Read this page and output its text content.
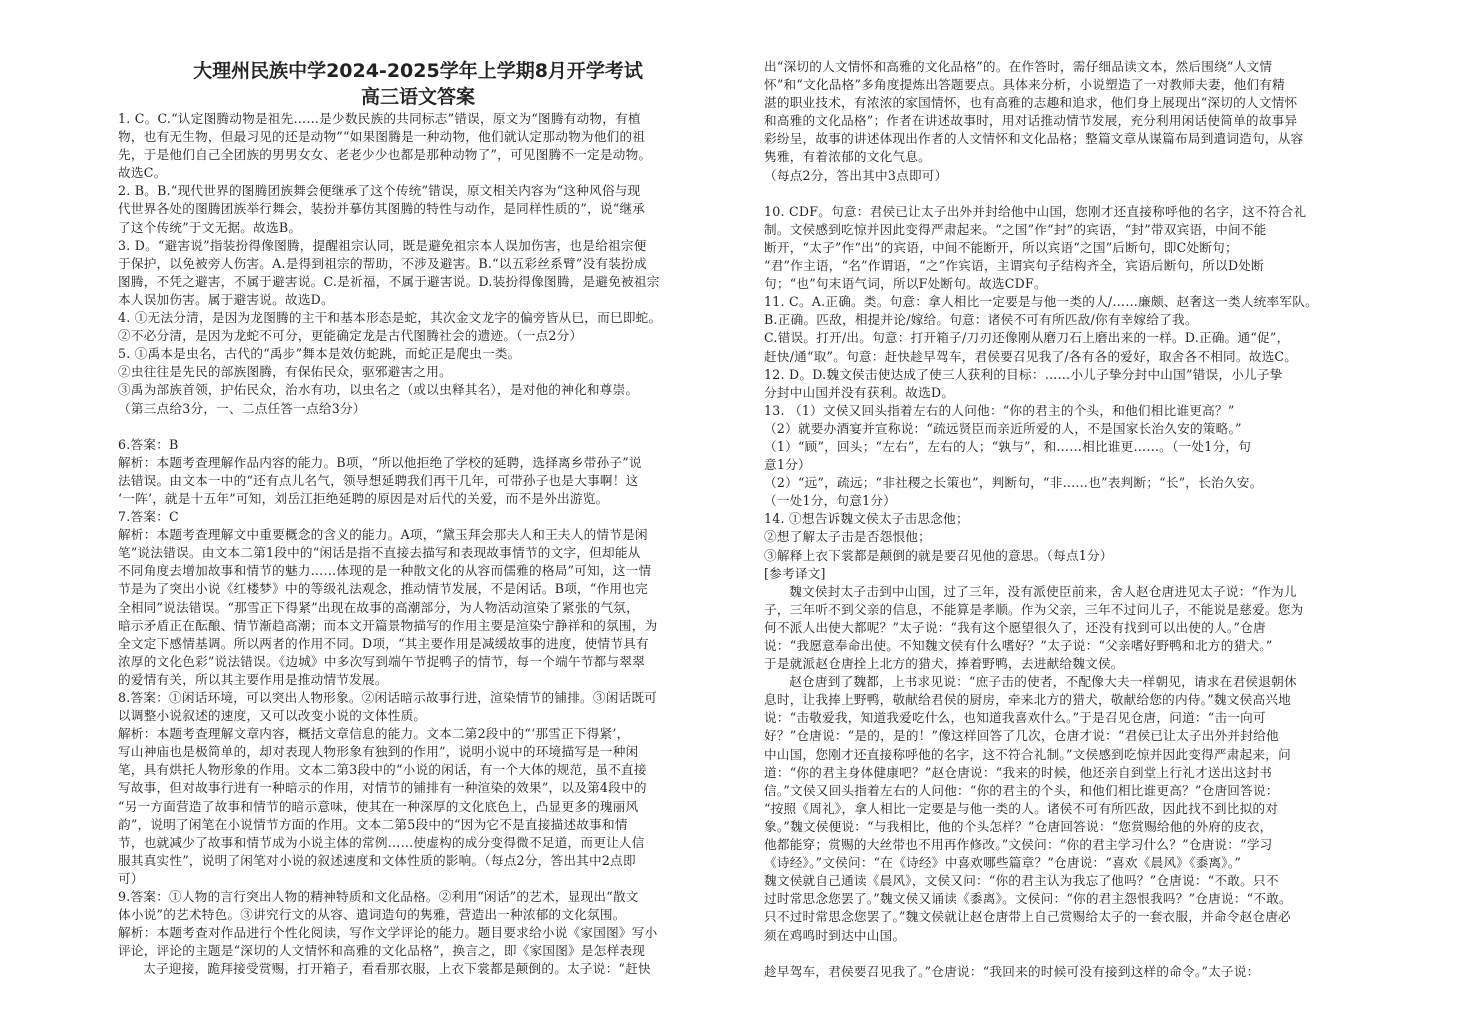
大理州民族中学2024-2025学年上学期8月开学考试
高三语文答案
1. C。C.“认定图腾动物是祖先……是少数民族的共同标志”错误，原文为“图腾有动物，有植
物，也有无生物，但最习见的还是动物”“如果图腾是一种动物，他们就认定那动物为他们的祖
先，于是他们自己全团族的男男女女、老老少少也都是那种动物了”，可见图腾不一定是动物。
故选C。
2. B。B.“现代世界的图腾团族舞会便继承了这个传统”错误，原文相关内容为“这种风俗与现
代世界各处的图腾团族举行舞会，装扮并摹仿其图腾的特性与动作，是同样性质的”，说“继承
了这个传统”于文无据。故选B。
3. D。“避害说”指装扮得像图腾，提醒祖宗认同，既是避免祖宗本人误加伤害，也是给祖宗便
于保护，以免被旁人伤害。A.是得到祖宗的帮助，不涉及避害。B.“以五彩丝系臂”没有装扮成
图腾，不凭之避害，不属于避害说。C.是祈福，不属于避害说。D.装扮得像图腾，是避免被祖宗
本人误加伤害。属于避害说。故选D。
4. ①无法分清，是因为龙图腾的主干和基本形态是蛇，其次金文龙字的偏旁皆从巳，而巳即蛇。
②不必分清，是因为龙蛇不可分，更能确定龙是古代图腾社会的遗迹。（一点2分）
5. ①禹本是虫名，古代的“禹步”舞本是效仿蛇跳，而蛇正是爬虫一类。
②虫往往是先民的部族图腾，有保佑民众，驱邪避害之用。
③禹为部族首领，护佑民众，治水有功，以虫名之（或以虫释其名），是对他的神化和尊崇。
（第三点给3分，一、二点任答一点给3分）
6.答案：B
解析：本题考查理解作品内容的能力。B项，“所以他拒绝了学校的延聘，选择离乡带孙子”说
法错误。由文本一中的“还有点儿名气，领导想延聘我们再干几年，可带孙子也是大事啊！这
‘一阵’，就是十五年”可知，刘岳江拒绝延聘的原因是对后代的关爱，而不是外出游览。
7.答案：C
解析：本题考查理解文中重要概念的含义的能力。A项，“黛玉拜会那夫人和王夫人的情节是闲
笔”说法错误。由文本二第1段中的“闲话是指不直接去描写和表现故事情节的文字，但却能从
不同角度去增加故事和情节的魅力……体现的是一种散文化的从容而儒雅的格局”可知，这一情
节是为了突出小说《红楼梦》中的等级礼法观念，推动情节发展，不是闲话。B项，“作用也完
全相同”说法错误。“那雪正下得紧”出现在故事的高潮部分，为人物活动渲染了紧张的气氛，
暗示矛盾正在酝酿、情节渐趋高潮；而本文开篇景物描写的作用主要是渲染宁静祥和的氛围，为
全文定下感情基调。所以两者的作用不同。D项，“其主要作用是减缓故事的进度，使情节具有
浓厚的文化色彩”说法错误。《边城》中多次写到端午节捉鸭子的情节，每一个端午节都与翠翠
的爱情有关，所以其主要作用是推动情节发展。
8.答案：①闲话环境，可以突出人物形象。②闲话暗示故事行进，渲染情节的铺排。③闲话既可
以调整小说叙述的速度，又可以改变小说的文体性质。
解析：本题考查理解文章内容，概括文章信息的能力。文本二第2段中的“‘那雪正下得紧’，
写山神庙也是极简单的，却对表现人物形象有独到的作用”，说明小说中的环境描写是一种闲
笔，具有烘托人物形象的作用。文本二第3段中的“小说的闲话，有一个大体的规范，虽不直接
写故事，但对故事行进有一种暗示的作用，对情节的铺排有一种渲染的效果”，以及第4段中的
“另一方面营造了故事和情节的暗示意味，使其在一种深厚的文化底色上，凸显更多的瑰丽风
韵”，说明了闲笔在小说情节方面的作用。文本二第5段中的“因为它不是直接描述故事和情
节，也就减少了故事和情节成为小说主体的常例……使虚构的成分变得微不足道，而更让人信
服其真实性”，说明了闲笔对小说的叙述速度和文体性质的影响。（每点2分，答出其中2点即
可）
9.答案：①人物的言行突出人物的精神特质和文化品格。②利用“闲话”的艺术，显现出“散文
体小说”的艺术特色。③讲究行文的从容、遣词造句的隽雅，营造出一种浓郁的文化氛围。
解析：本题考查对作品进行个性化阅读，写作文学评论的能力。题目要求给小说《家国图》写小
评论，评论的主题是“深切的人文情怀和高雅的文化品格”，换言之，即《家国图》是怎样表现
太子迎接，跪拜接受赏赐，打开箱子，看看那衣服，上衣下裳都是颠倒的。太子说：“赶快
出“深切的人文情怀和高雅的文化品格”的。在作答时，需仔细品读文本，然后围绕“人文情
怀”和“文化品格”多角度提炼出答题要点。具体来分析，小说塑造了一对教师夫妻，他们有精
湛的职业技术，有浓浓的家国情怀，也有高雅的志趣和追求，他们身上展现出“深切的人文情怀
和高雅的文化品格”；作者在讲述故事时，用对话推动情节发展，充分利用闲话使简单的故事异
彩纷呈，故事的讲述体现出作者的人文情怀和文化品格；整篇文章从谋篇布局到遣词造句，从容
隽雅，有着浓郁的文化气息。
（每点2分，答出其中3点即可）
10. CDF。句意：君侯已让太子出外并封给他中山国，您刚才还直接称呼他的名字，这不符合礼
制。文侯感到吃惊并因此变得严肃起来。“之国”作“封”的宾语，“封”带双宾语，中间不能
断开，“太子”作“出”的宾语，中间不能断开，所以宾语“之国”后断句，即C处断句；
“君”作主语，“名”作谓语，“之”作宾语，主谓宾句子结构齐全，宾语后断句，所以D处断
句；“也”句末语气词，所以F处断句。故选CDF。
11. C。A.正确。类。句意：拿人相比一定要是与他一类的人/……廉颇、赵奢这一类人统率军队。
B.正确。匹敌，相提并论/嫁给。句意：诸侯不可有所匹敌/你有幸嫁给了我。
C.错误。打开/出。句意：打开箱子/刀刃还像刚从磨刀石上磨出来的一样。D.正确。通“促”，
赶快/通“取”。句意：赶快趁早驾车，君侯要召见我了/各有各的爱好，取舍各不相同。故选C。
12. D。D.魏文侯击使达成了使三人获利的目标：……小儿子挚分封中山国”错误，小儿子挚
分封中山国并没有获利。故选D。
13. （1）文侯又回头指着左右的人问他：“你的君主的个头，和他们相比谁更高？”
（2）就要办酒宴并宣称说：“疏远贤臣而亲近所爱的人，不是国家长治久安的策略。”
（1）“顾”，回头；“左右”，左右的人；“孰与”，和……相比谁更……。（一处1分，句
意1分）
（2）“远”，疏远；“非社稷之长策也”，判断句，“非……也”表判断；“长”，长治久安。
（一处1分，句意1分）
14. ①想告诉魏文侯太子击思念他；
②想了解太子击是否怨恨他；
③解释上衣下裳都是颠倒的就是要召见他的意思。（每点1分）
[参考译文]
魏文侯封太子击到中山国，过了三年，没有派使臣前来，舍人赵仓唐进见太子说：“作为儿
子，三年听不到父亲的信息，不能算是孝顺。作为父亲，三年不过问儿子，不能说是慈爱。您为
何不派人出使大都呢？”太子说：“我有这个愿望很久了，还没有找到可以出使的人。”仓唐
说：“我愿意奉命出使。不知魏文侯有什么嗜好？”太子说：“父亲嗜好野鸭和北方的猎犬。”
于是就派赵仓唐拴上北方的猎犬，捧着野鸭，去进献给魏文侯。
赵仓唐到了魏都，上书求见说：“庶子击的使者，不配像大夫一样朝见，请求在君侯退朝休
息时，让我捧上野鸭，敬献给君侯的厨房，牵来北方的猎犬，敬献给您的内侍。”魏文侯高兴地
说：“击敬爱我，知道我爱吃什么，也知道我喜欢什么。”于是召见仓唐，问道：“击一向可
好？”仓唐说：“是的，是的！”像这样回答了几次，仓唐才说：“君侯已让太子出外并封给他
中山国，您刚才还直接称呼他的名字，这不符合礼制。”文侯感到吃惊并因此变得严肃起来，问
道：“你的君主身体健康吧？”赵仓唐说：“我来的时候，他还亲自到堂上行礼才送出这封书
信。”文侯又回头指着左右的人问他：“你的君主的个头，和他们相比谁更高？”仓唐回答说：
“按照《周礼》，拿人相比一定要是与他一类的人。诸侯不可有所匹敌，因此找不到比拟的对
象。”魏文侯便说：“与我相比，他的个头怎样？”仓唐回答说：“您赏赐给他的外府的皮衣，
他都能穿；赏赐的大丝带也不用再作修改。”文侯问：“你的君主学习什么？”仓唐说：“学习
《诗经》。”文侯问：“在《诗经》中喜欢哪些篇章？”仓唐说：“喜欢《晨风》《黍离》。”
魏文侯就自己通读《晨风》，文侯又问：“你的君主认为我忘了他吗？”仓唐说：“不敢。只不
过时常思念您罢了。”魏文侯又诵读《黍离》。文侯问：“你的君主怨恨我吗？”仓唐说：“不敢。
只不过时常思念您罢了。”魏文侯就让赵仓唐带上自己赏赐给太子的一套衣服，并命令赵仓唐必
须在鸡鸣时到达中山国。
趁早驾车，君侯要召见我了。”仓唐说：“我回来的时候可没有接到这样的命令。”太子说：
